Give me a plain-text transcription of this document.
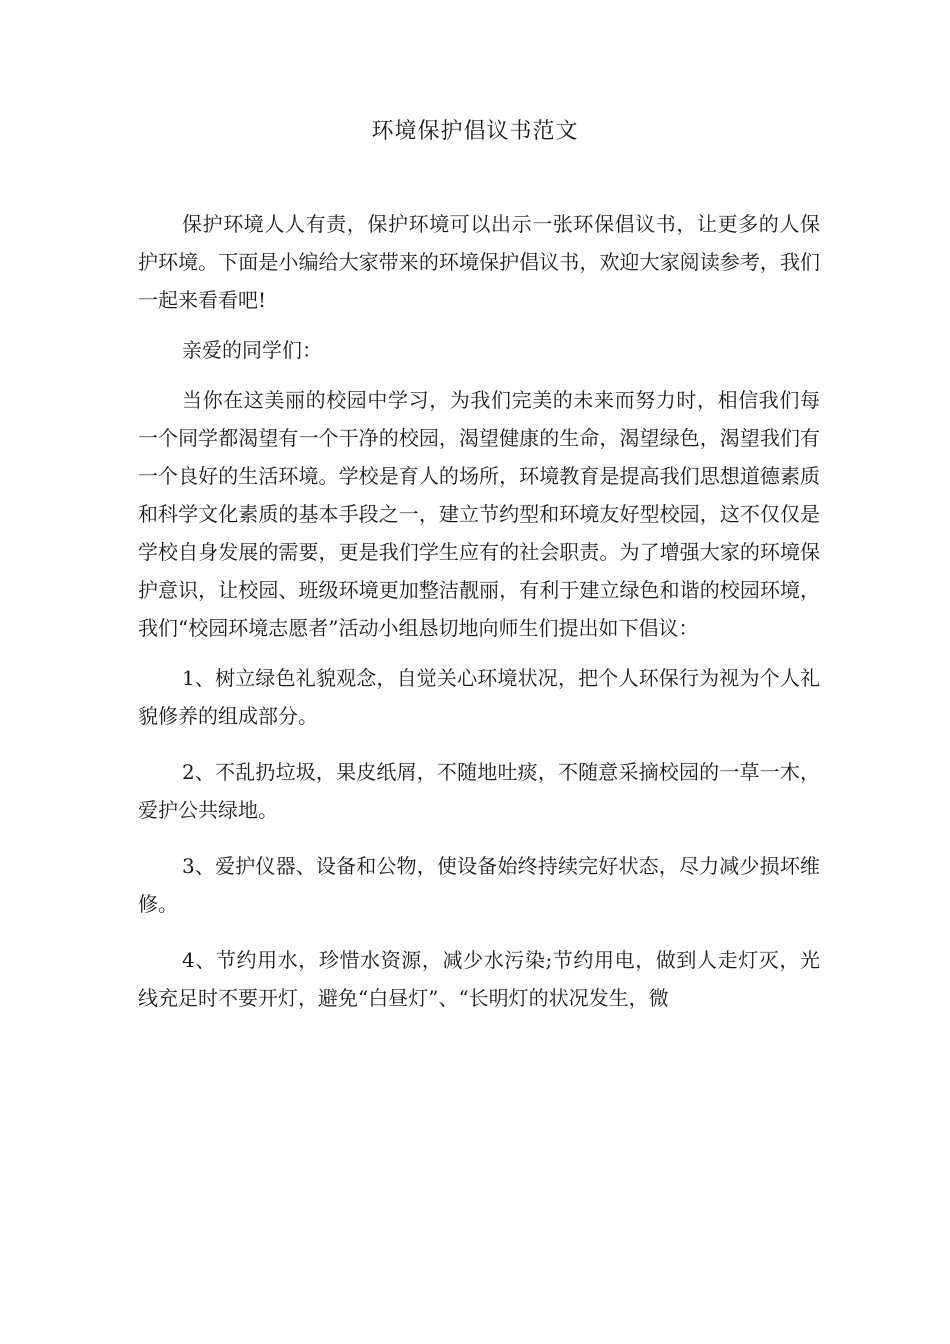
环境保护倡议书范文

保护环境人人有责，保护环境可以出示一张环保倡议书，让更多的人保护环境。下面是小编给大家带来的环境保护倡议书，欢迎大家阅读参考，我们一起来看看吧!

亲爱的同学们：

当你在这美丽的校园中学习，为我们完美的未来而努力时，相信我们每一个同学都渴望有一个干净的校园，渴望健康的生命，渴望绿色，渴望我们有一个良好的生活环境。学校是育人的场所，环境教育是提高我们思想道德素质和科学文化素质的基本手段之一，建立节约型和环境友好型校园，这不仅仅是学校自身发展的需要，更是我们学生应有的社会职责。为了增强大家的环境保护意识，让校园、班级环境更加整洁靓丽，有利于建立绿色和谐的校园环境，我们“校园环境志愿者”活动小组恳切地向师生们提出如下倡议：

1、树立绿色礼貌观念，自觉关心环境状况，把个人环保行为视为个人礼貌修养的组成部分。

2、不乱扔垃圾，果皮纸屑，不随地吐痰，不随意采摘校园的一草一木，爱护公共绿地。

3、爱护仪器、设备和公物，使设备始终持续完好状态，尽力减少损坏维修。

4、节约用水，珍惜水资源，减少水污染;节约用电，做到人走灯灭，光线充足时不要开灯，避免“白昼灯”、“长明灯的状况发生，微
